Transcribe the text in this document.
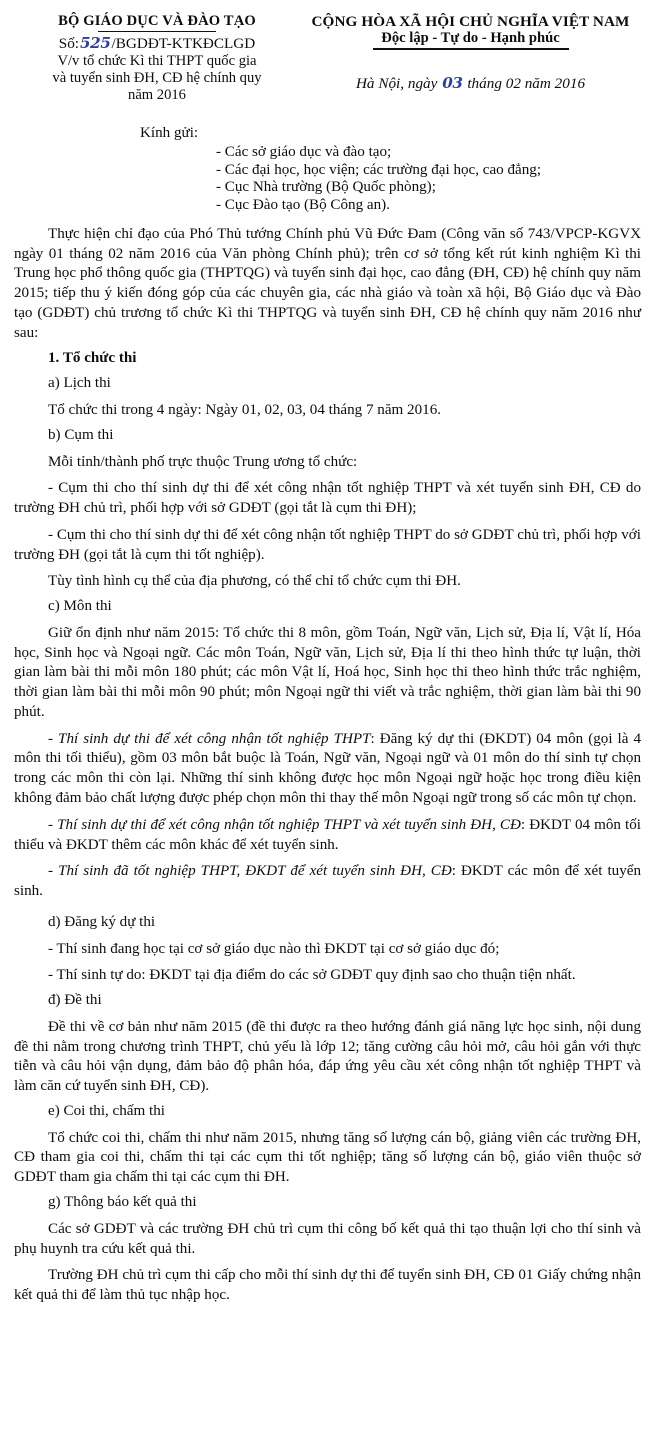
BỘ GIÁO DỤC VÀ ĐÀO TẠO
Số:525/BGDĐT-KTKĐCLGD
V/v tổ chức Kì thi THPT quốc gia
và tuyển sinh ĐH, CĐ hệ chính quy
năm 2016
CỘNG HÒA XÃ HỘI CHỦ NGHĨA VIỆT NAM
Độc lập - Tự do - Hạnh phúc
Hà Nội, ngày 03 tháng 02 năm 2016
Kính gửi:
- Các sở giáo dục và đào tạo;
- Các đại học, học viện; các trường đại học, cao đẳng;
- Cục Nhà trường (Bộ Quốc phòng);
- Cục Đào tạo (Bộ Công an).

Thực hiện chỉ đạo của Phó Thủ tướng Chính phủ Vũ Đức Đam (Công văn số 743/VPCP-KGVX ngày 01 tháng 02 năm 2016 của Văn phòng Chính phủ); trên cơ sở tổng kết rút kinh nghiệm Kì thi Trung học phổ thông quốc gia (THPTQG) và tuyển sinh đại học, cao đẳng (ĐH, CĐ) hệ chính quy năm 2015; tiếp thu ý kiến đóng góp của các chuyên gia, các nhà giáo và toàn xã hội, Bộ Giáo dục và Đào tạo (GDĐT) chủ trương tổ chức Kì thi THPTQG và tuyển sinh ĐH, CĐ hệ chính quy năm 2016 như sau:

1. Tổ chức thi

a) Lịch thi

Tổ chức thi trong 4 ngày: Ngày 01, 02, 03, 04 tháng 7 năm 2016.

b) Cụm thi

Mỗi tỉnh/thành phố trực thuộc Trung ương tổ chức:

- Cụm thi cho thí sinh dự thi để xét công nhận tốt nghiệp THPT và xét tuyển sinh ĐH, CĐ do trường ĐH chủ trì, phối hợp với sở GDĐT (gọi tắt là cụm thi ĐH);

- Cụm thi cho thí sinh dự thi để xét công nhận tốt nghiệp THPT do sở GDĐT chủ trì, phối hợp với trường ĐH (gọi tắt là cụm thi tốt nghiệp).

Tùy tình hình cụ thể của địa phương, có thể chỉ tổ chức cụm thi ĐH.

c) Môn thi

Giữ ổn định như năm 2015: Tổ chức thi 8 môn, gồm Toán, Ngữ văn, Lịch sử, Địa lí, Vật lí, Hóa học, Sinh học và Ngoại ngữ. Các môn Toán, Ngữ văn, Lịch sử, Địa lí thi theo hình thức tự luận, thời gian làm bài thi mỗi môn 180 phút; các môn Vật lí, Hoá học, Sinh học thi theo hình thức trắc nghiệm, thời gian làm bài thi mỗi môn 90 phút; môn Ngoại ngữ thi viết và trắc nghiệm, thời gian làm bài thi 90 phút.

- Thí sinh dự thi để xét công nhận tốt nghiệp THPT: Đăng ký dự thi (ĐKDT) 04 môn (gọi là 4 môn thi tối thiểu), gồm 03 môn bắt buộc là Toán, Ngữ văn, Ngoại ngữ và 01 môn do thí sinh tự chọn trong các môn thi còn lại. Những thí sinh không được học môn Ngoại ngữ hoặc học trong điều kiện không đảm bảo chất lượng được phép chọn môn thi thay thế môn Ngoại ngữ trong số các môn tự chọn.

- Thí sinh dự thi để xét công nhận tốt nghiệp THPT và xét tuyển sinh ĐH, CĐ: ĐKDT 04 môn tối thiểu và ĐKDT thêm các môn khác để xét tuyển sinh.

- Thí sinh đã tốt nghiệp THPT, ĐKDT để xét tuyển sinh ĐH, CĐ: ĐKDT các môn để xét tuyển sinh.

d) Đăng ký dự thi

- Thí sinh đang học tại cơ sở giáo dục nào thì ĐKDT tại cơ sở giáo dục đó;

- Thí sinh tự do: ĐKDT tại địa điểm do các sở GDĐT quy định sao cho thuận tiện nhất.

đ) Đề thi

Đề thi về cơ bản như năm 2015 (đề thi được ra theo hướng đánh giá năng lực học sinh, nội dung đề thi nằm trong chương trình THPT, chủ yếu là lớp 12; tăng cường câu hỏi mở, câu hỏi gắn với thực tiễn và câu hỏi vận dụng, đảm bảo độ phân hóa, đáp ứng yêu cầu xét công nhận tốt nghiệp THPT và làm căn cứ tuyển sinh ĐH, CĐ).

e) Coi thi, chấm thi

Tổ chức coi thi, chấm thi như năm 2015, nhưng tăng số lượng cán bộ, giảng viên các trường ĐH, CĐ tham gia coi thi, chấm thi tại các cụm thi tốt nghiệp; tăng số lượng cán bộ, giáo viên thuộc sở GDĐT tham gia chấm thi tại các cụm thi ĐH.

g) Thông báo kết quả thi

Các sở GDĐT và các trường ĐH chủ trì cụm thi công bố kết quả thi tạo thuận lợi cho thí sinh và phụ huynh tra cứu kết quả thi.

Trường ĐH chủ trì cụm thi cấp cho mỗi thí sinh dự thi để tuyển sinh ĐH, CĐ 01 Giấy chứng nhận kết quả thi để làm thủ tục nhập học.
